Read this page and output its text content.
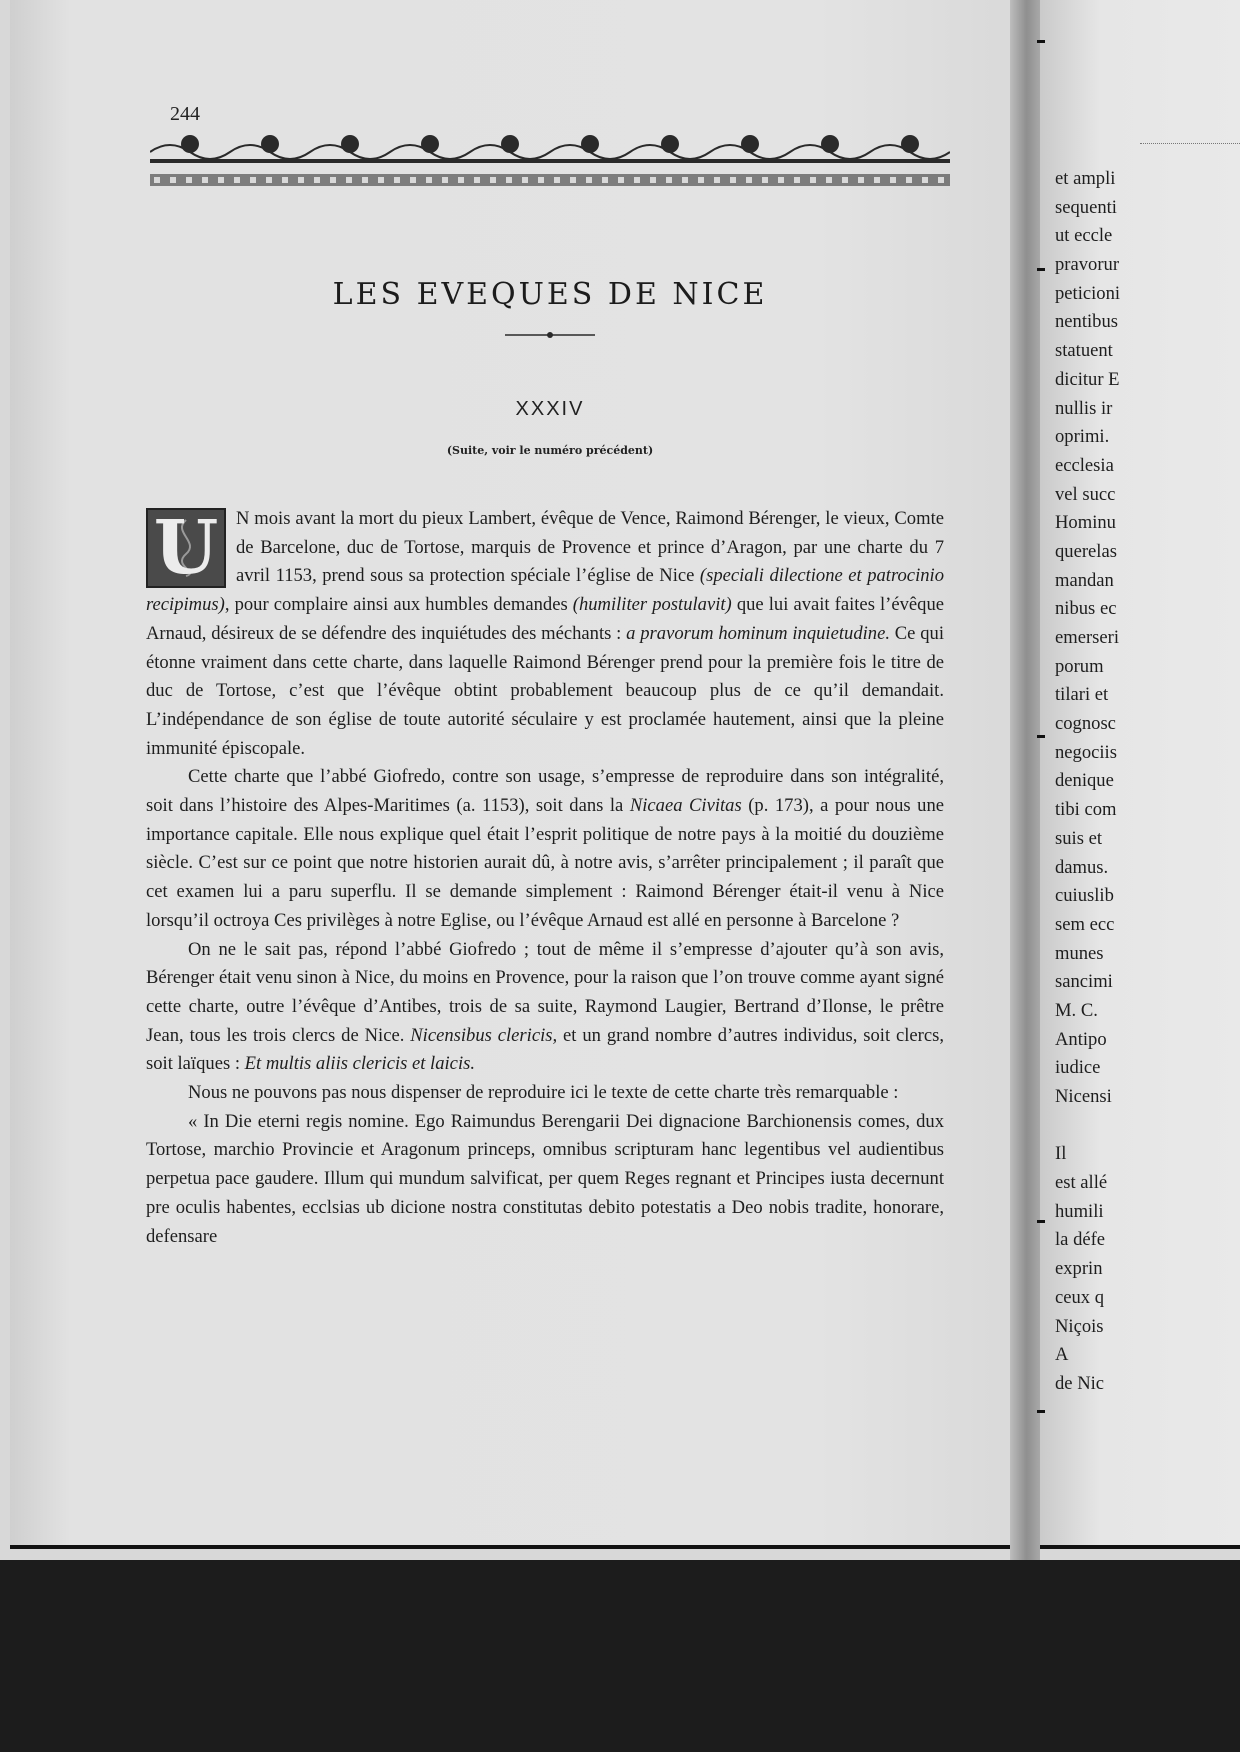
244
LES EVEQUES DE NICE
XXXIV
(Suite, voir le numéro précédent)

U N mois avant la mort du pieux Lambert, évêque de Vence, Raimond Bérenger, le vieux, Comte de Barcelone, duc de Tortose, marquis de Provence et prince d’Aragon, par une charte du 7 avril 1153, prend sous sa protection spéciale l’église de Nice (speciali dilectione et patrocinio recipimus), pour complaire ainsi aux humbles demandes (humiliter postulavit) que lui avait faites l’évêque Arnaud, désireux de se défendre des inquiétudes des méchants : a pravorum hominum inquietudine. Ce qui étonne vraiment dans cette charte, dans laquelle Raimond Bérenger prend pour la première fois le titre de duc de Tortose, c’est que l’évêque obtint probablement beaucoup plus de ce qu’il demandait. L’indépendance de son église de toute autorité séculaire y est proclamée hautement, ainsi que la pleine immunité épiscopale.

Cette charte que l’abbé Giofredo, contre son usage, s’empresse de reproduire dans son intégralité, soit dans l’histoire des Alpes-Maritimes (a. 1153), soit dans la Nicaea Civitas (p. 173), a pour nous une importance capitale. Elle nous explique quel était l’esprit politique de notre pays à la moitié du douzième siècle. C’est sur ce point que notre historien aurait dû, à notre avis, s’arrêter principalement ; il paraît que cet examen lui a paru superflu. Il se demande simplement : Raimond Bérenger était-il venu à Nice lorsqu’il octroya Ces privilèges à notre Eglise, ou l’évêque Arnaud est allé en personne à Barcelone ?

On ne le sait pas, répond l’abbé Giofredo ; tout de même il s’empresse d’ajouter qu’à son avis, Bérenger était venu sinon à Nice, du moins en Provence, pour la raison que l’on trouve comme ayant signé cette charte, outre l’évêque d’Antibes, trois de sa suite, Raymond Laugier, Bertrand d’Ilonse, le prêtre Jean, tous les trois clercs de Nice. Nicensibus clericis, et un grand nombre d’autres individus, soit clercs, soit laïques : Et multis aliis clericis et laicis.

Nous ne pouvons pas nous dispenser de reproduire ici le texte de cette charte très remarquable :

« In Die eterni regis nomine. Ego Raimundus Berengarii Dei dignacione Barchionensis comes, dux Tortose, marchio Provincie et Aragonum princeps, omnibus scripturam hanc legentibus vel audientibus perpetua pace gaudere. Illum qui mundum salvificat, per quem Reges regnant et Principes iusta decernunt pre oculis habentes, ecclsias ub dicione nostra constitutas debito potestatis a Deo nobis tradite, honorare, defensare

et ampli
sequenti
ut eccle
pravorur
peticioni
nentibus
statuent
dicitur E
nullis ir
oprimi.
ecclesia
vel succ
Hominu
querelas
mandan
nibus ec
emerseri
porum
tilari et
cognosc
negociis
denique
tibi com
suis et
damus.
cuiuslib
sem ecc
munes
sancimi
M. C.
Antipo
iudice
Nicensi
Il
est allé
humili
la défe
exprin
ceux q
Niçois
A
de Nic
